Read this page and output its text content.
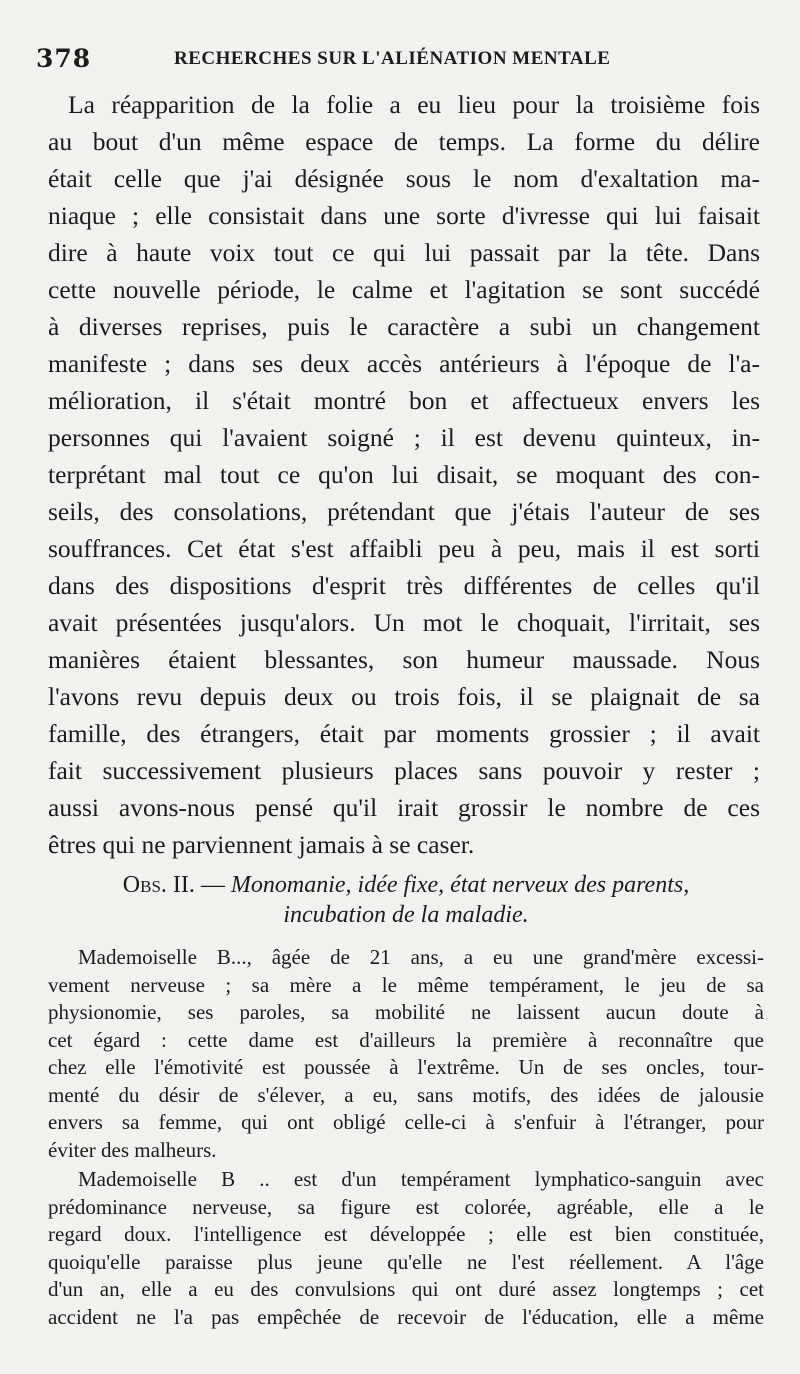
378	RECHERCHES SUR L'ALIÉNATION MENTALE
La réapparition de la folie a eu lieu pour la troisième fois
au bout d'un même espace de temps. La forme du délire
était celle que j'ai désignée sous le nom d'exaltation ma-
niaque ; elle consistait dans une sorte d'ivresse qui lui faisait
dire à haute voix tout ce qui lui passait par la tête. Dans
cette nouvelle période, le calme et l'agitation se sont succédé
à diverses reprises, puis le caractère a subi un changement
manifeste ; dans ses deux accès antérieurs à l'époque de l'a-
mélioration, il s'était montré bon et affectueux envers les
personnes qui l'avaient soigné ; il est devenu quinteux, in-
terprétant mal tout ce qu'on lui disait, se moquant des con-
seils, des consolations, prétendant que j'étais l'auteur de ses
souffrances. Cet état s'est affaibli peu à peu, mais il est sorti
dans des dispositions d'esprit très différentes de celles qu'il
avait présentées jusqu'alors. Un mot le choquait, l'irritait, ses
manières étaient blessantes, son humeur maussade. Nous
l'avons revu depuis deux ou trois fois, il se plaignait de sa
famille, des étrangers, était par moments grossier ; il avait
fait successivement plusieurs places sans pouvoir y rester ;
aussi avons-nous pensé qu'il irait grossir le nombre de ces
êtres qui ne parviennent jamais à se caser.
Obs. II. — Monomanie, idée fixe, état nerveux des parents,
incubation de la maladie.
Mademoiselle B..., âgée de 21 ans, a eu une grand'mère excessi-
vement nerveuse ; sa mère a le même tempérament, le jeu de sa
physionomie, ses paroles, sa mobilité ne laissent aucun doute à
cet égard : cette dame est d'ailleurs la première à reconnaître que
chez elle l'émotivité est poussée à l'extrême. Un de ses oncles, tour-
menté du désir de s'élever, a eu, sans motifs, des idées de jalousie
envers sa femme, qui ont obligé celle-ci à s'enfuir à l'étranger, pour
éviter des malheurs.
Mademoiselle B .. est d'un tempérament lymphatico-sanguin avec
prédominance nerveuse, sa figure est colorée, agréable, elle a le
regard doux. l'intelligence est développée ; elle est bien constituée,
quoiqu'elle paraisse plus jeune qu'elle ne l'est réellement. A l'âge
d'un an, elle a eu des convulsions qui ont duré assez longtemps ; cet
accident ne l'a pas empêchée de recevoir de l'éducation, elle a même
